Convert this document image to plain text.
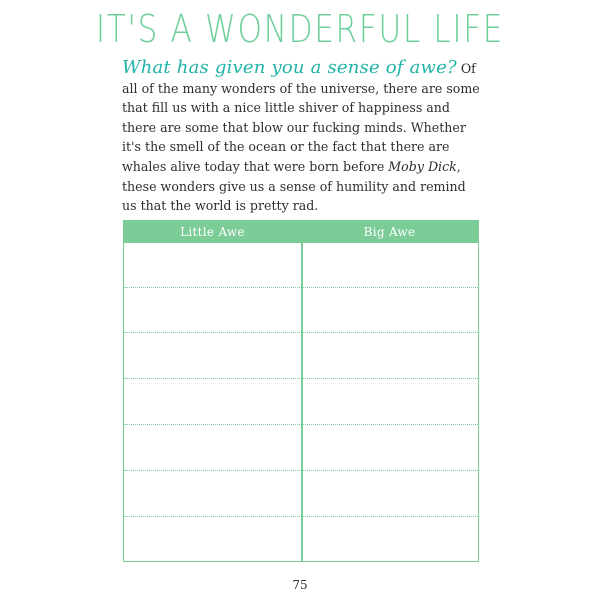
IT'S A WONDERFUL LIFE
What has given you a sense of awe? Of all of the many wonders of the universe, there are some that fill us with a nice little shiver of happiness and there are some that blow our fucking minds. Whether it's the smell of the ocean or the fact that there are whales alive today that were born before Moby Dick, these wonders give us a sense of humility and remind us that the world is pretty rad.
Little Awe	Big Awe
75
